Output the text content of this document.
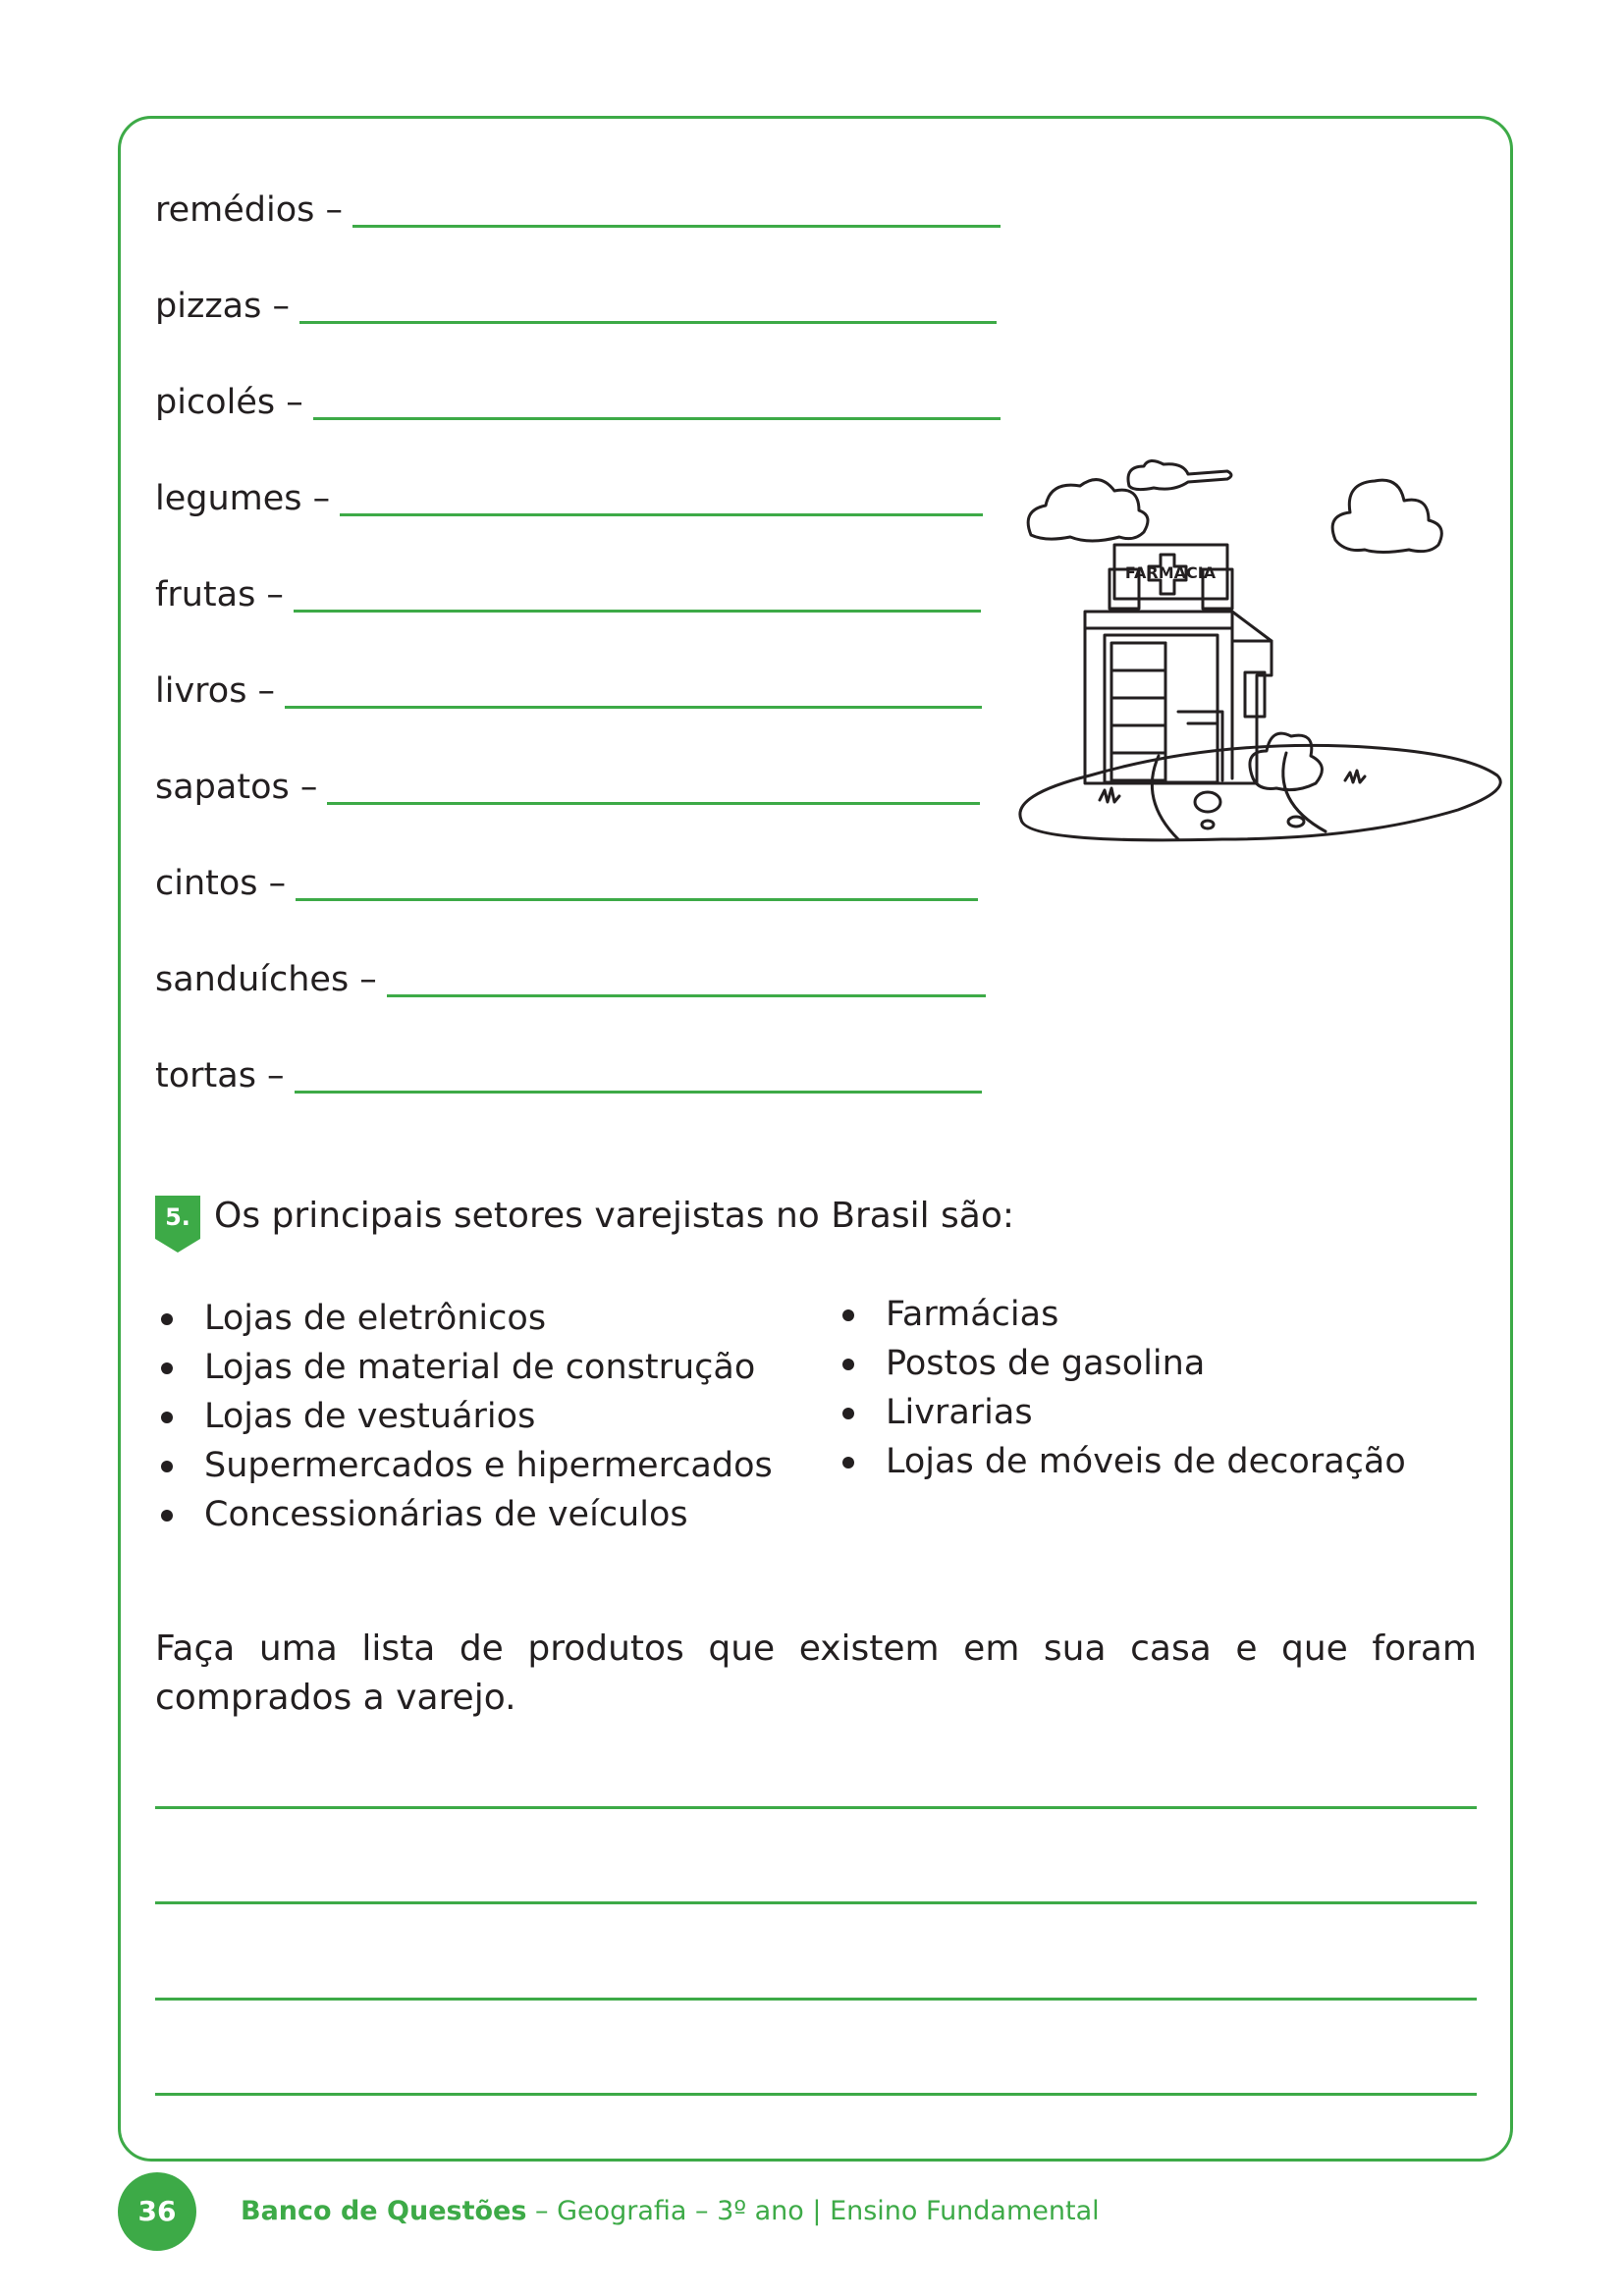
remédios –
pizzas –
picolés –
legumes –
frutas –
livros –
sapatos –
cintos –
sanduíches –
tortas –
FARMACIA
5. Os principais setores varejistas no Brasil são:
Lojas de eletrônicos
Lojas de material de construção
Lojas de vestuários
Supermercados e hipermercados
Concessionárias de veículos
Farmácias
Postos de gasolina
Livrarias
Lojas de móveis de decoração
Faça uma lista de produtos que existem em sua casa e que foram comprados a varejo.
36	Banco de Questões – Geografia – 3º ano | Ensino Fundamental
